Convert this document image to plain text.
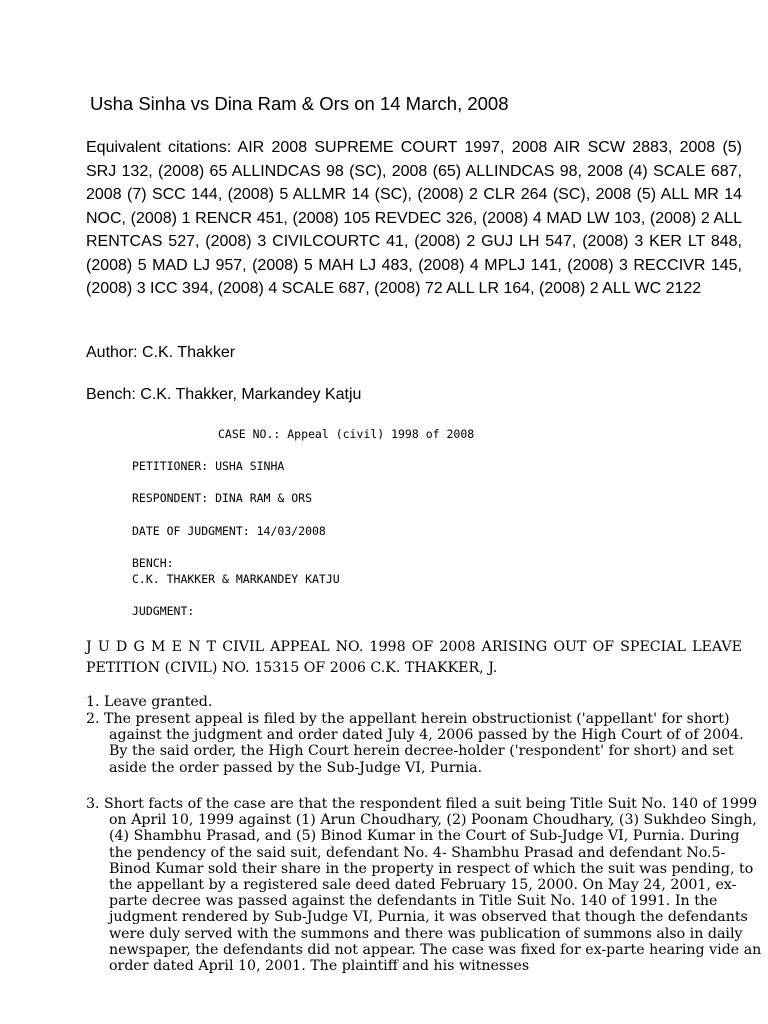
Usha Sinha vs Dina Ram & Ors on 14 March, 2008

Equivalent citations: AIR 2008 SUPREME COURT 1997, 2008 AIR SCW 2883, 2008 (5) SRJ 132, (2008) 65 ALLINDCAS 98 (SC), 2008 (65) ALLINDCAS 98, 2008 (4) SCALE 687, 2008 (7) SCC 144, (2008) 5 ALLMR 14 (SC), (2008) 2 CLR 264 (SC), 2008 (5) ALL MR 14 NOC, (2008) 1 RENCR 451, (2008) 105 REVDEC 326, (2008) 4 MAD LW 103, (2008) 2 ALL RENTCAS 527, (2008) 3 CIVILCOURTC 41, (2008) 2 GUJ LH 547, (2008) 3 KER LT 848, (2008) 5 MAD LJ 957, (2008) 5 MAH LJ 483, (2008) 4 MPLJ 141, (2008) 3 RECCIVR 145, (2008) 3 ICC 394, (2008) 4 SCALE 687, (2008) 72 ALL LR 164, (2008) 2 ALL WC 2122

Author: C.K. Thakker

Bench: C.K. Thakker, Markandey Katju

CASE NO.: Appeal (civil) 1998 of 2008
PETITIONER: USHA SINHA
RESPONDENT: DINA RAM & ORS
DATE OF JUDGMENT: 14/03/2008
BENCH:
C.K. THAKKER & MARKANDEY KATJU
JUDGMENT:

J U D G M E N T CIVIL APPEAL NO. 1998 OF 2008 ARISING OUT OF SPECIAL LEAVE PETITION (CIVIL) NO. 15315 OF 2006 C.K. THAKKER, J.

1. Leave granted.

2. The present appeal is filed by the appellant herein obstructionist ('appellant' for short) against the judgment and order dated July 4, 2006 passed by the High Court of of 2004. By the said order, the High Court herein decree-holder ('respondent' for short) and set aside the order passed by the Sub-Judge VI, Purnia.

3. Short facts of the case are that the respondent filed a suit being Title Suit No. 140 of 1999 on April 10, 1999 against (1) Arun Choudhary, (2) Poonam Choudhary, (3) Sukhdeo Singh, (4) Shambhu Prasad, and (5) Binod Kumar in the Court of Sub-Judge VI, Purnia. During the pendency of the said suit, defendant No. 4- Shambhu Prasad and defendant No.5-Binod Kumar sold their share in the property in respect of which the suit was pending, to the appellant by a registered sale deed dated February 15, 2000. On May 24, 2001, ex-parte decree was passed against the defendants in Title Suit No. 140 of 1991. In the judgment rendered by Sub-Judge VI, Purnia, it was observed that though the defendants were duly served with the summons and there was publication of summons also in daily newspaper, the defendants did not appear. The case was fixed for ex-parte hearing vide an order dated April 10, 2001. The plaintiff and his witnesses
